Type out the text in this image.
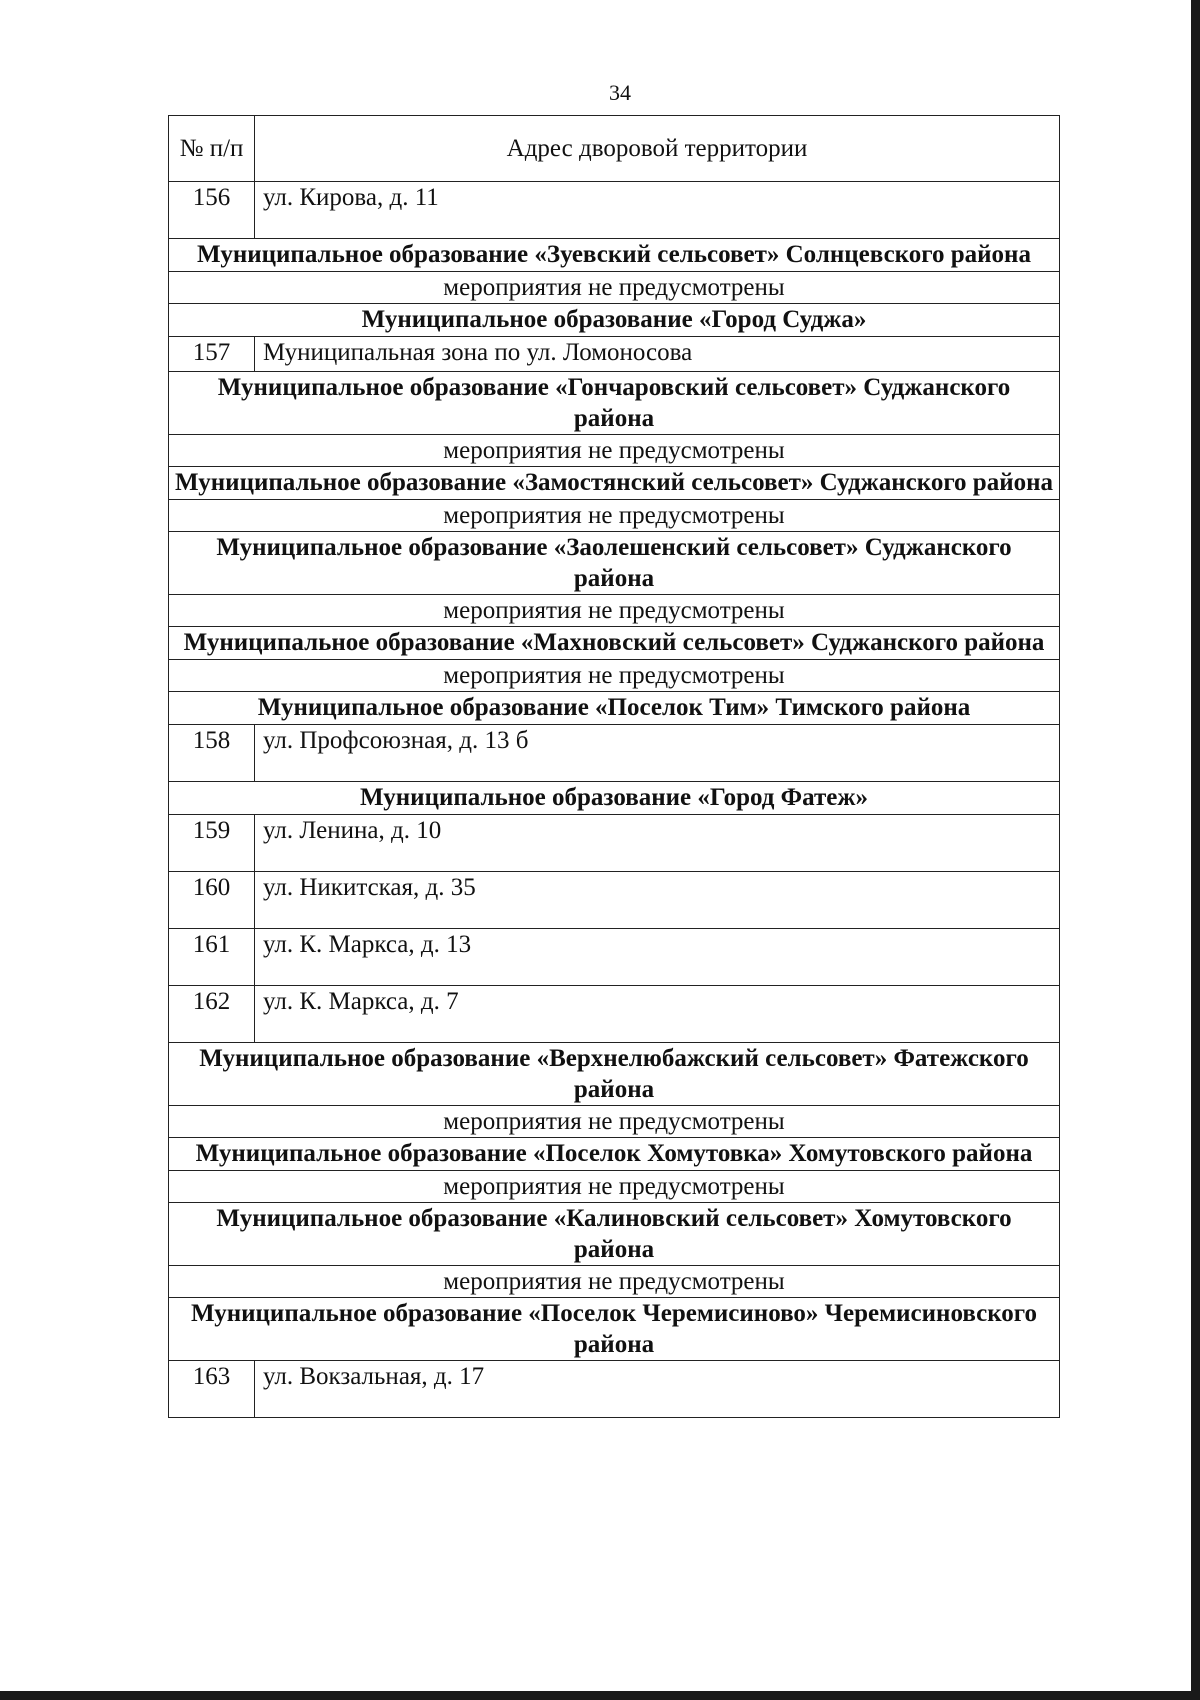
34
№ п/п	Адрес дворовой территории
156	ул. Кирова, д. 11
Муниципальное образование «Зуевский сельсовет» Солнцевского района	
мероприятия не предусмотрены	
Муниципальное образование «Город Суджа»	
157	Муниципальная зона по ул. Ломоносова
Муниципальное образование «Гончаровский сельсовет» Суджанского района	
мероприятия не предусмотрены	
Муниципальное образование «Замостянский сельсовет» Суджанского района	
мероприятия не предусмотрены	
Муниципальное образование «Заолешенский сельсовет» Суджанского района	
мероприятия не предусмотрены	
Муниципальное образование «Махновский сельсовет» Суджанского района	
мероприятия не предусмотрены	
Муниципальное образование «Поселок Тим» Тимского района	
158	ул. Профсоюзная, д. 13 б
Муниципальное образование «Город Фатеж»	
159	ул. Ленина, д. 10
160	ул. Никитская, д. 35
161	ул. К. Маркса, д. 13
162	ул. К. Маркса, д. 7
Муниципальное образование «Верхнелюбажский сельсовет» Фатежского района	
мероприятия не предусмотрены	
Муниципальное образование «Поселок Хомутовка» Хомутовского района	
мероприятия не предусмотрены	
Муниципальное образование «Калиновский сельсовет» Хомутовского района	
мероприятия не предусмотрены	
Муниципальное образование «Поселок Черемисиново» Черемисиновского района	
163	ул. Вокзальная, д. 17
